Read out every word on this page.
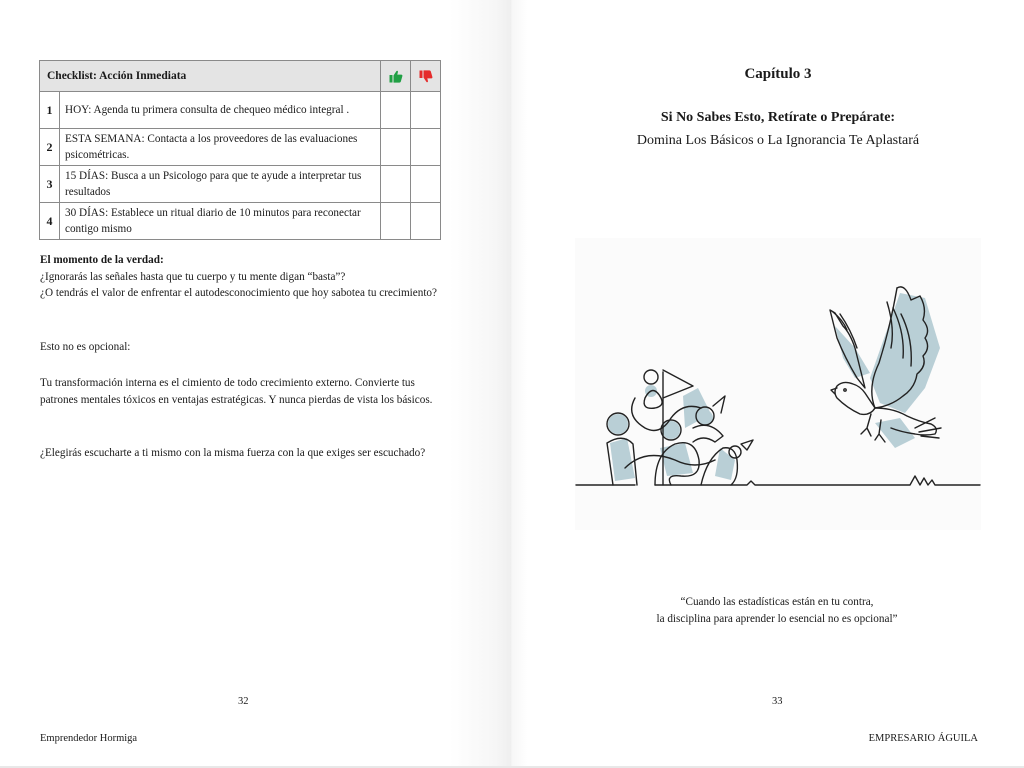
Checklist: Acción Inmediata		
1	HOY: Agenda tu primera consulta de chequeo médico integral .		
2	ESTA SEMANA: Contacta a los proveedores de las evaluaciones psicométricas.		
3	15 DÍAS: Busca a un Psicologo para que te ayude a interpretar tus resultados		
4	30 DÍAS: Establece un ritual diario de 10 minutos para reconectar contigo mismo		

El momento de la verdad:

¿Ignorarás las señales hasta que tu cuerpo y tu mente digan “basta”?

¿O tendrás el valor de enfrentar el autodesconocimiento que hoy sabotea tu crecimiento?

Esto no es opcional:

Tu transformación interna es el cimiento de todo crecimiento externo. Convierte tus patrones mentales tóxicos en ventajas estratégicas. Y nunca pierdas de vista los básicos.

¿Elegirás escucharte a ti mismo con la misma fuerza con la que exiges ser escuchado?

32
Emprendedor Hormiga
Capítulo 3
Si No Sabes Esto, Retírate o Prepárate:
Domina Los Básicos o La Ignorancia Te Aplastará

“Cuando las estadísticas están en tu contra,

la disciplina para aprender lo esencial no es opcional”

33
EMPRESARIO ÁGUILA
